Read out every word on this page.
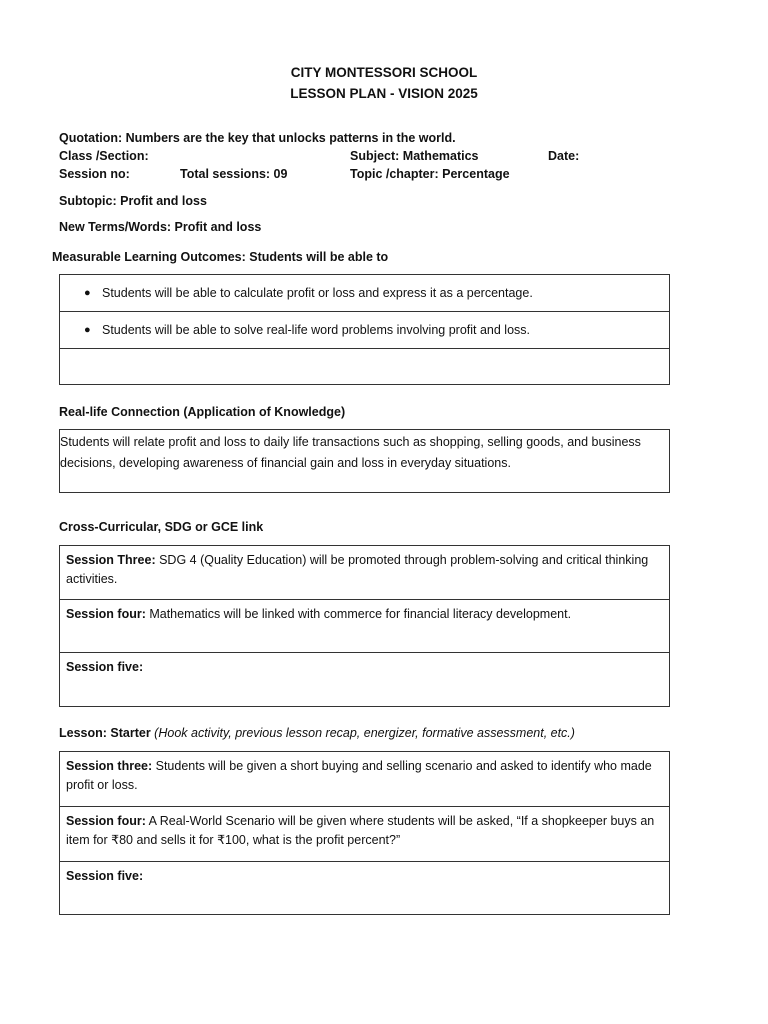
CITY MONTESSORI SCHOOL
LESSON PLAN - VISION 2025
Quotation: Numbers are the key that unlocks patterns in the world.
Class /Section:	Subject: Mathematics	Date:
Session no:	Total sessions: 09	Topic /chapter: Percentage
Subtopic: Profit and loss
New Terms/Words: Profit and loss
Measurable Learning Outcomes: Students will be able to
● Students will be able to calculate profit or loss and express it as a percentage.
● Students will be able to solve real-life word problems involving profit and loss.
Real-life Connection (Application of Knowledge)
Students will relate profit and loss to daily life transactions such as shopping, selling goods, and business decisions, developing awareness of financial gain and loss in everyday situations.
Cross-Curricular, SDG or GCE link
Session Three: SDG 4 (Quality Education) will be promoted through problem-solving and critical thinking activities.
Session four: Mathematics will be linked with commerce for financial literacy development.
Session five:
Lesson: Starter (Hook activity, previous lesson recap, energizer, formative assessment, etc.)
Session three: Students will be given a short buying and selling scenario and asked to identify who made profit or loss.
Session four: A Real-World Scenario will be given where students will be asked, “If a shopkeeper buys an item for ₹80 and sells it for ₹100, what is the profit percent?”
Session five:
